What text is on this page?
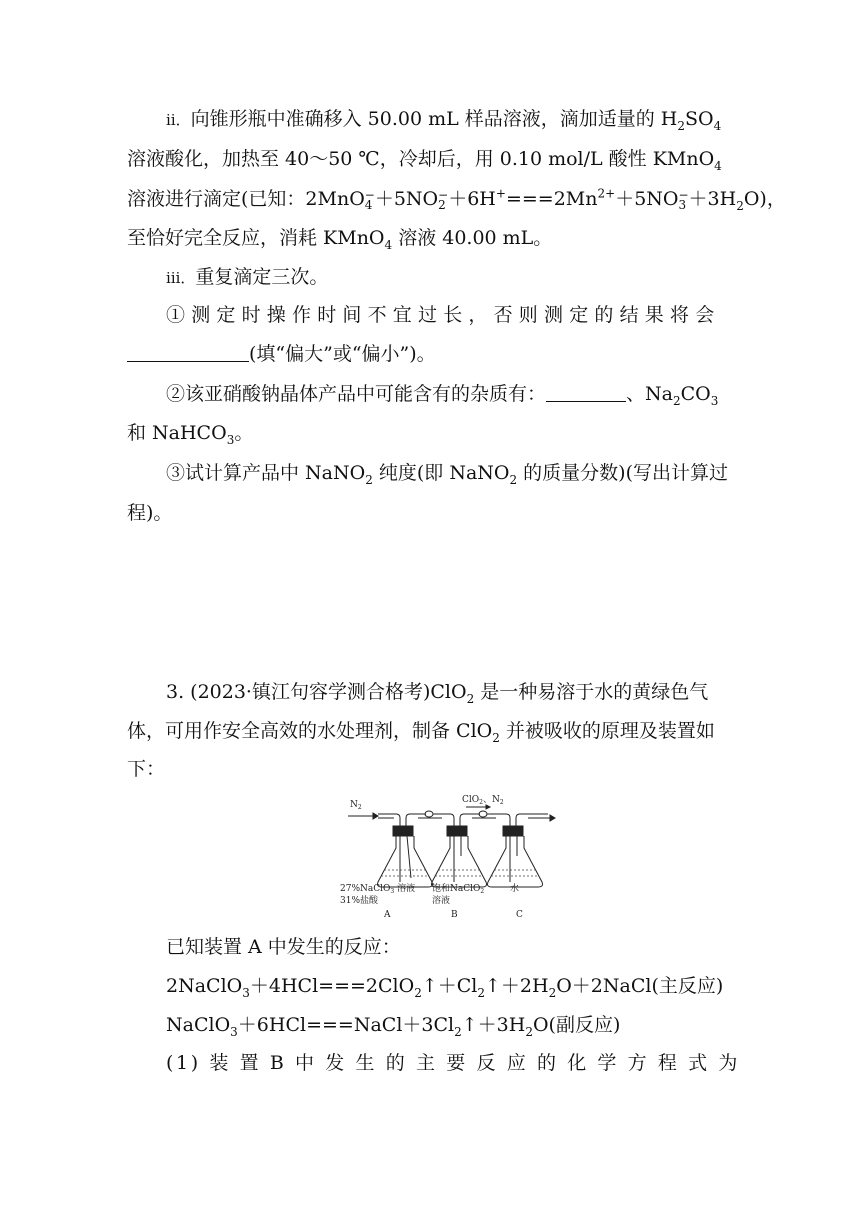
ⅱ．向锥形瓶中准确移入 50.00 mL 样品溶液，滴加适量的 $H_2SO_4$
溶液酸化，加热至 40～50 ℃，冷却后，用 0.10 mol/L 酸性 KMnO$_4$
溶液进行滴定(已知：2MnO −
4 ＋5NO −
$2 +6H^+===2Mn^{2+}+5NO$ −
$3 +3H_2O$)，
至恰好完全反应，消耗 KMnO$_4$ 溶液 40.00 mL。
ⅲ．重复滴定三次。
①测定时操作时间不宜过长，否则测定的结果将会
(填“偏大”或“偏小”)。
②该亚硝酸钠晶体产品中可能含有的杂质有：	、$Na_2CO_3$
和 NaHCO$_3$。
③试计算产品中 NaNO$_2$ 纯度(即 NaNO$_2$ 的质量分数)(写出计算过
程)。
3. (2023·镇江句容学测合格考)ClO$_2$ 是一种易溶于水的黄绿色气
体，可用作安全高效的水处理剂，制备 ClO$_2$ 并被吸收的原理及装置如
下：
$N_2$
ClO$_2$、$N_2$
27%NaClO$_3$ 溶液
31%盐酸
饱和NaClO$_2$
溶液
水
A	B	C
已知装置 A 中发生的反应：
$2NaClO_3+4HCl===2ClO_2↑+Cl_2↑+2H_2O+2NaCl$(主反应)
$NaClO_3+6HCl===NaCl+3Cl_2↑+3H_2O$(副反应)
(1) 装 置 B 中 发 生 的 主 要 反 应 的 化 学 方 程 式 为
